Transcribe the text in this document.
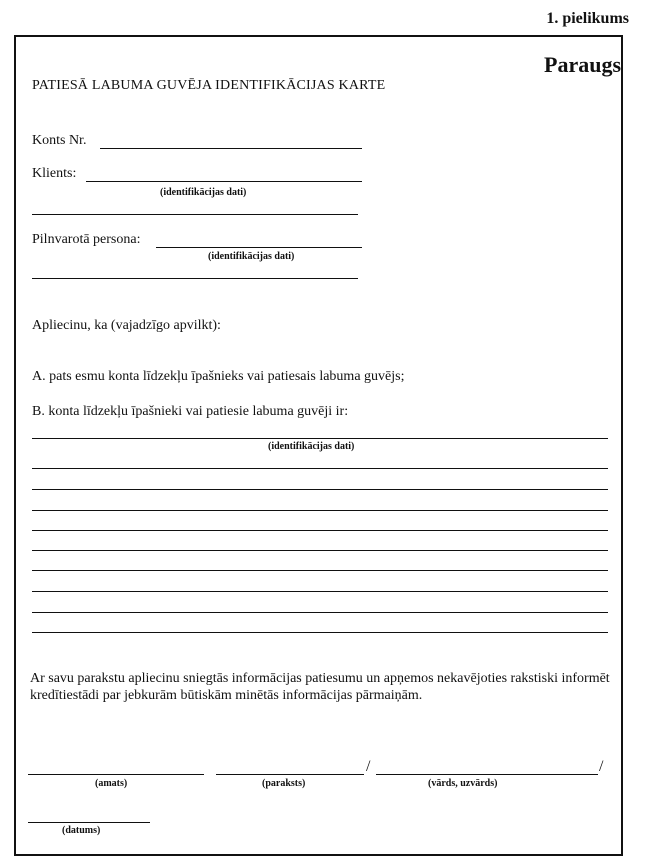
1. pielikums
Paraugs
PATIESĀ LABUMA GUVĒJA IDENTIFIKĀCIJAS KARTE
Konts Nr.
Klients:
(identifikācijas dati)
Pilnvarotā persona:
(identifikācijas dati)
Apliecinu, ka (vajadzīgo apvilkt):
A. pats esmu konta līdzekļu īpašnieks vai patiesais labuma guvējs;
B. konta līdzekļu īpašnieki vai patiesie labuma guvēji ir:
(identifikācijas dati)
Ar savu parakstu apliecinu sniegtās informācijas patiesumu un apņemos nekavējoties rakstiski informēt kredītiestādi par jebkurām būtiskām minētās informācijas pārmaiņām.
(amats)	(paraksts)
/	/
(vārds, uzvārds)
(datums)
